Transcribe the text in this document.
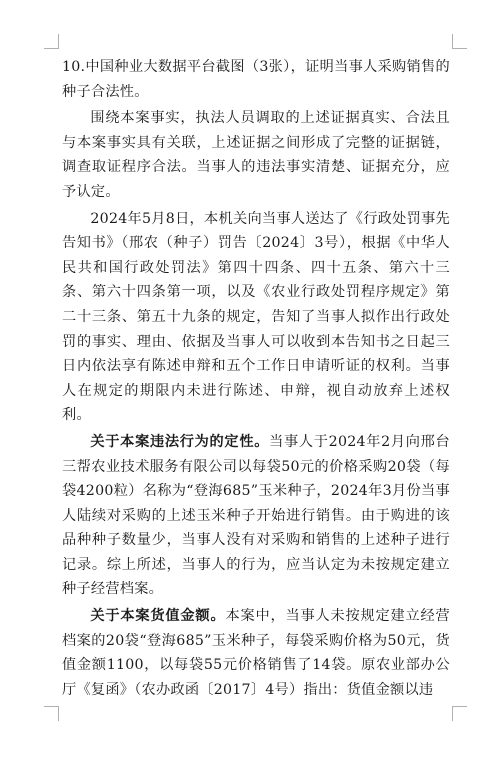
10.中国种业大数据平台截图（3张），证明当事人采购销售的种子合法性。

围绕本案事实，执法人员调取的上述证据真实、合法且与本案事实具有关联，上述证据之间形成了完整的证据链，调查取证程序合法。当事人的违法事实清楚、证据充分，应予认定。

2024年5月8日，本机关向当事人送达了《行政处罚事先告知书》（邢农（种子）罚告〔2024〕3号），根据《中华人民共和国行政处罚法》第四十四条、四十五条、第六十三条、第六十四条第一项，以及《农业行政处罚程序规定》第二十三条、第五十九条的规定，告知了当事人拟作出行政处罚的事实、理由、依据及当事人可以收到本告知书之日起三日内依法享有陈述申辩和五个工作日申请听证的权利。当事人在规定的期限内未进行陈述、申辩，视自动放弃上述权利。

关于本案违法行为的定性。当事人于2024年2月向邢台三帮农业技术服务有限公司以每袋50元的价格采购20袋（每袋4200粒）名称为“登海685”玉米种子，2024年3月份当事人陆续对采购的上述玉米种子开始进行销售。由于购进的该品种种子数量少，当事人没有对采购和销售的上述种子进行记录。综上所述，当事人的行为，应当认定为未按规定建立种子经营档案。

关于本案货值金额。本案中，当事人未按规定建立经营档案的20袋“登海685”玉米种子，每袋采购价格为50元，货值金额1100，以每袋55元价格销售了14袋。原农业部办公厅《复函》（农办政函〔2017〕4号）指出：货值金额以违
